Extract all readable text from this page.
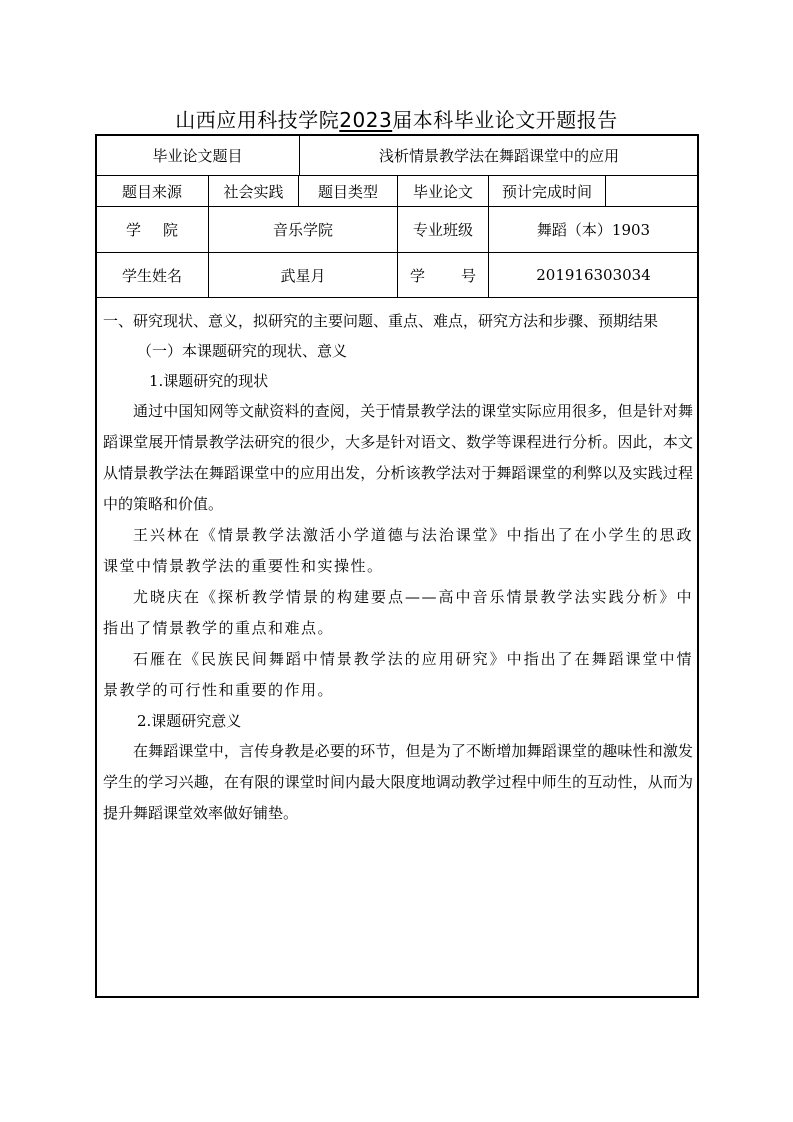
山西应用科技学院2023届本科毕业论文开题报告
毕业论文题目	浅析情景教学法在舞蹈课堂中的应用
题目来源	社会实践	题目类型	毕业论文	预计完成时间
学 院	音乐学院	专业班级	舞蹈（本）1903
学生姓名	武星月	学 号	201916303034
一、研究现状、意义，拟研究的主要问题、重点、难点，研究方法和步骤、预期结果
（一）本课题研究的现状、意义
1.课题研究的现状
通过中国知网等文献资料的查阅，关于情景教学法的课堂实际应用很多，但是针对舞蹈课堂展开情景教学法研究的很少，大多是针对语文、数学等课程进行分析。因此，本文从情景教学法在舞蹈课堂中的应用出发，分析该教学法对于舞蹈课堂的利弊以及实践过程中的策略和价值。
王兴林在《情景教学法激活小学道德与法治课堂》中指出了在小学生的思政课堂中情景教学法的重要性和实操性。
尤晓庆在《探析教学情景的构建要点——高中音乐情景教学法实践分析》中指出了情景教学的重点和难点。
石雁在《民族民间舞蹈中情景教学法的应用研究》中指出了在舞蹈课堂中情景教学的可行性和重要的作用。
2.课题研究意义
在舞蹈课堂中，言传身教是必要的环节，但是为了不断增加舞蹈课堂的趣味性和激发学生的学习兴趣，在有限的课堂时间内最大限度地调动教学过程中师生的互动性，从而为提升舞蹈课堂效率做好铺垫。
